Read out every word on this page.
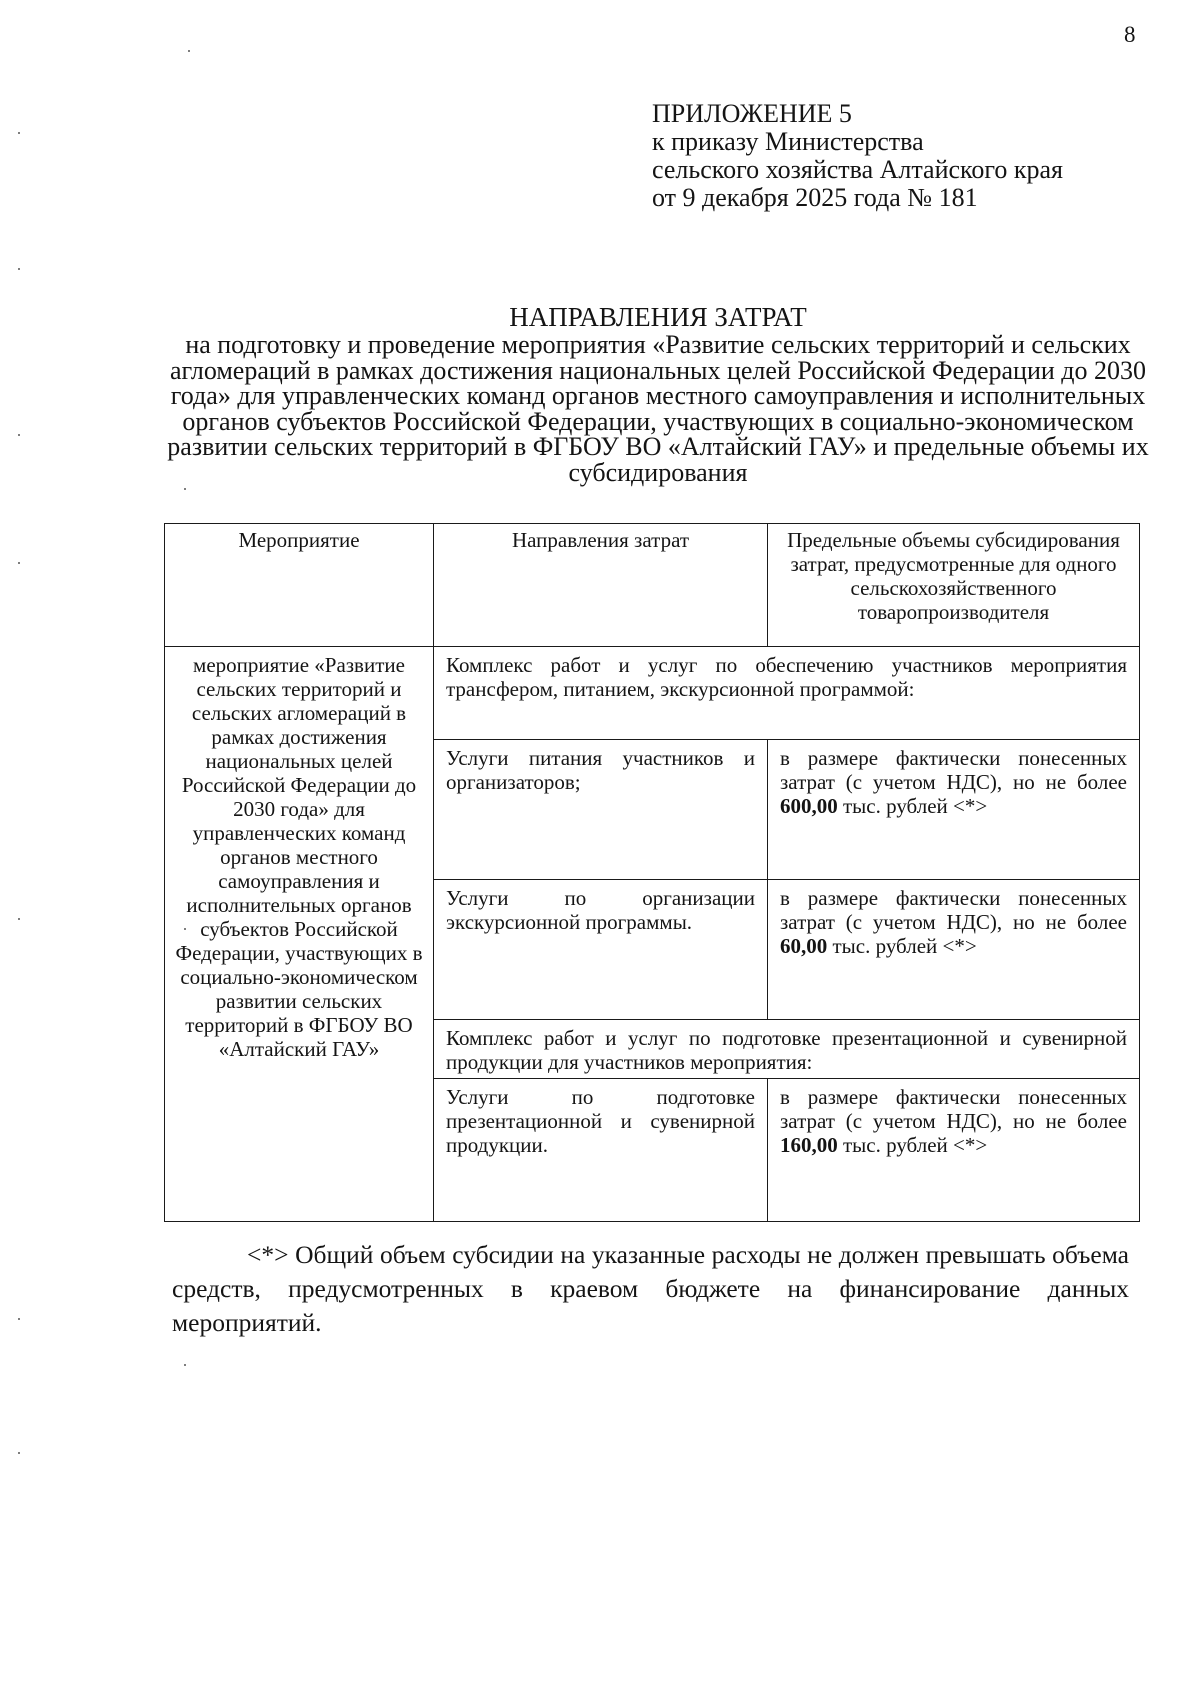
8
ПРИЛОЖЕНИЕ 5
к приказу Министерства
сельского хозяйства Алтайского края
от 9 декабря 2025 года № 181
НАПРАВЛЕНИЯ ЗАТРАТ
на подготовку и проведение мероприятия «Развитие сельских территорий и сельских агломераций в рамках достижения национальных целей Российской Федерации до 2030 года» для управленческих команд органов местного самоуправления и исполнительных органов субъектов Российской Федерации, участвующих в социально-экономическом развитии сельских территорий в ФГБОУ ВО «Алтайский ГАУ» и предельные объемы их субсидирования
Мероприятие	Направления затрат	Предельные объемы субсидирования затрат, предусмотренные для одного сельскохозяйственного товаропроизводителя
мероприятие «Развитие сельских территорий и сельских агломераций в рамках достижения национальных целей Российской Федерации до 2030 года» для управленческих команд органов местного самоуправления и исполнительных органов субъектов Российской Федерации, участвующих в социально-экономическом развитии сельских территорий в ФГБОУ ВО «Алтайский ГАУ»	Комплекс работ и услуг по обеспечению участников мероприятия трансфером, питанием, экскурсионной программой:	
	Услуги питания участников и организаторов;	в размере фактически понесенных затрат (с учетом НДС), но не более 600,00 тыс. рублей <*>
	Услуги по организации экскурсионной программы.	в размере фактически понесенных затрат (с учетом НДС), но не более 60,00 тыс. рублей <*>
	Комплекс работ и услуг по подготовке презентационной и сувенирной продукции для участников мероприятия:	
	Услуги по подготовке презентационной и сувенирной продукции.	в размере фактически понесенных затрат (с учетом НДС), но не более 160,00 тыс. рублей <*>
<*> Общий объем субсидии на указанные расходы не должен превышать объема средств, предусмотренных в краевом бюджете на финансирование данных мероприятий.
